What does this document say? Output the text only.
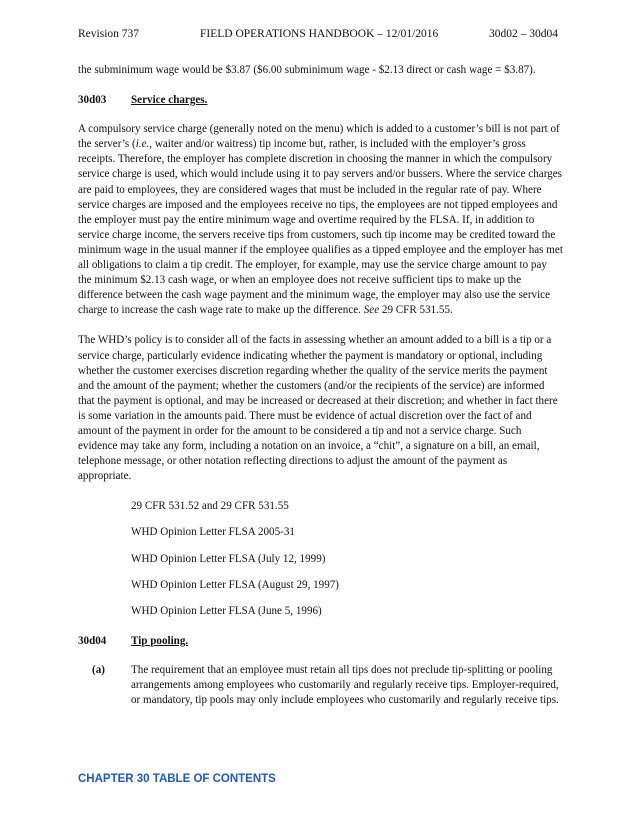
Revision 737	FIELD OPERATIONS HANDBOOK – 12/01/2016	30d02 – 30d04

the subminimum wage would be $3.87 ($6.00 subminimum wage - $2.13 direct or cash wage = $3.87).

30d03	Service charges.

A compulsory service charge (generally noted on the menu) which is added to a customer’s bill is not part of the server’s (i.e., waiter and/or waitress) tip income but, rather, is included with the employer’s gross receipts. Therefore, the employer has complete discretion in choosing the manner in which the compulsory service charge is used, which would include using it to pay servers and/or bussers. Where the service charges are paid to employees, they are considered wages that must be included in the regular rate of pay. Where service charges are imposed and the employees receive no tips, the employees are not tipped employees and the employer must pay the entire minimum wage and overtime required by the FLSA. If, in addition to service charge income, the servers receive tips from customers, such tip income may be credited toward the minimum wage in the usual manner if the employee qualifies as a tipped employee and the employer has met all obligations to claim a tip credit. The employer, for example, may use the service charge amount to pay the minimum $2.13 cash wage, or when an employee does not receive sufficient tips to make up the difference between the cash wage payment and the minimum wage, the employer may also use the service charge to increase the cash wage rate to make up the difference. See 29 CFR 531.55.

The WHD’s policy is to consider all of the facts in assessing whether an amount added to a bill is a tip or a service charge, particularly evidence indicating whether the payment is mandatory or optional, including whether the customer exercises discretion regarding whether the quality of the service merits the payment and the amount of the payment; whether the customers (and/or the recipients of the service) are informed that the payment is optional, and may be increased or decreased at their discretion; and whether in fact there is some variation in the amounts paid. There must be evidence of actual discretion over the fact of and amount of the payment in order for the amount to be considered a tip and not a service charge. Such evidence may take any form, including a notation on an invoice, a “chit”, a signature on a bill, an email, telephone message, or other notation reflecting directions to adjust the amount of the payment as appropriate.

29 CFR 531.52 and 29 CFR 531.55

WHD Opinion Letter FLSA 2005-31

WHD Opinion Letter FLSA (July 12, 1999)

WHD Opinion Letter FLSA (August 29, 1997)

WHD Opinion Letter FLSA (June 5, 1996)

30d04	Tip pooling.
(a)	The requirement that an employee must retain all tips does not preclude tip-splitting or pooling arrangements among employees who customarily and regularly receive tips. Employer-required, or mandatory, tip pools may only include employees who customarily and regularly receive tips.
CHAPTER 30 TABLE OF CONTENTS
